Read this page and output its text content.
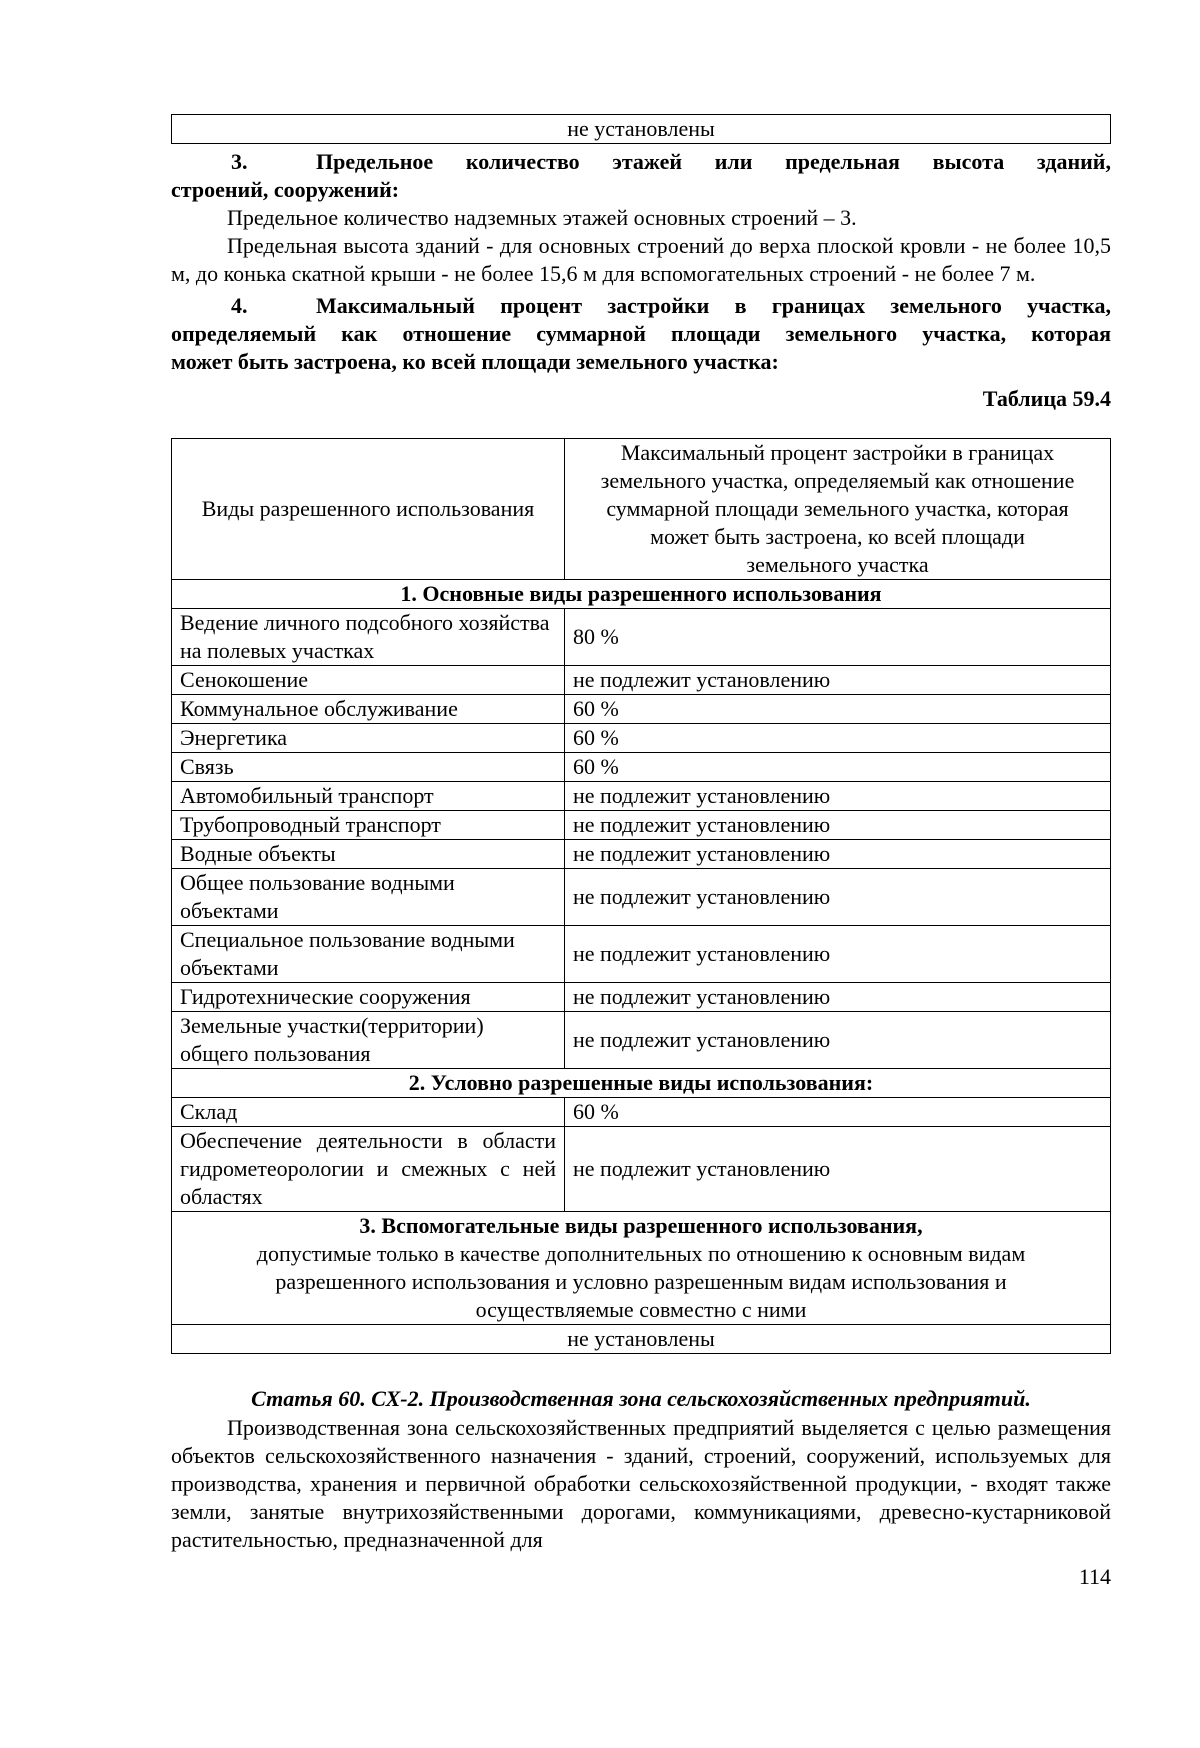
не установлены
3.	Предельное количество этажей или предельная высота зданий,
строений, сооружений:

Предельное количество надземных этажей основных строений – 3.

Предельная высота зданий - для основных строений до верха плоской кровли - не более 10,5 м, до конька скатной крыши - не более 15,6 м для вспомогательных строений - не более 7 м.

4.	Максимальный процент застройки в границах земельного участка,
определяемый как отношение суммарной площади земельного участка, которая
может быть застроена, ко всей площади земельного участка:
Таблица 59.4
Виды разрешенного использования	Максимальный процент застройки в границах
земельного участка, определяемый как отношение
суммарной площади земельного участка, которая
может быть застроена, ко всей площади
земельного участка

1. Основные виды разрешенного использования	
Ведение личного подсобного хозяйства на полевых участках	80 %
Сенокошение	не подлежит установлению
Коммунальное обслуживание	60 %
Энергетика	60 %
Связь	60 %
Автомобильный транспорт	не подлежит установлению
Трубопроводный транспорт	не подлежит установлению
Водные объекты	не подлежит установлению
Общее пользование водными объектами	не подлежит установлению
Специальное пользование водными объектами	не подлежит установлению
Гидротехнические сооружения	не подлежит установлению
Земельные участки(территории) общего пользования	не подлежит установлению
2. Условно разрешенные виды использования:	
Склад	60 %
Обеспечение деятельности в области гидрометеорологии и смежных с ней областях	не подлежит установлению

3. Вспомогательные виды разрешенного использования,
допустимые только в качестве дополнительных по отношению к основным видам
разрешенного использования и условно разрешенным видам использования и
осуществляемые совместно с ними	

не установлены	
Статья 60. СХ-2. Производственная зона сельскохозяйственных предприятий.

Производственная зона сельскохозяйственных предприятий выделяется с целью размещения объектов сельскохозяйственного назначения - зданий, строений, сооружений, используемых для производства, хранения и первичной обработки сельскохозяйственной продукции, - входят также земли, занятые внутрихозяйственными дорогами, коммуникациями, древесно-кустарниковой растительностью, предназначенной для

114
